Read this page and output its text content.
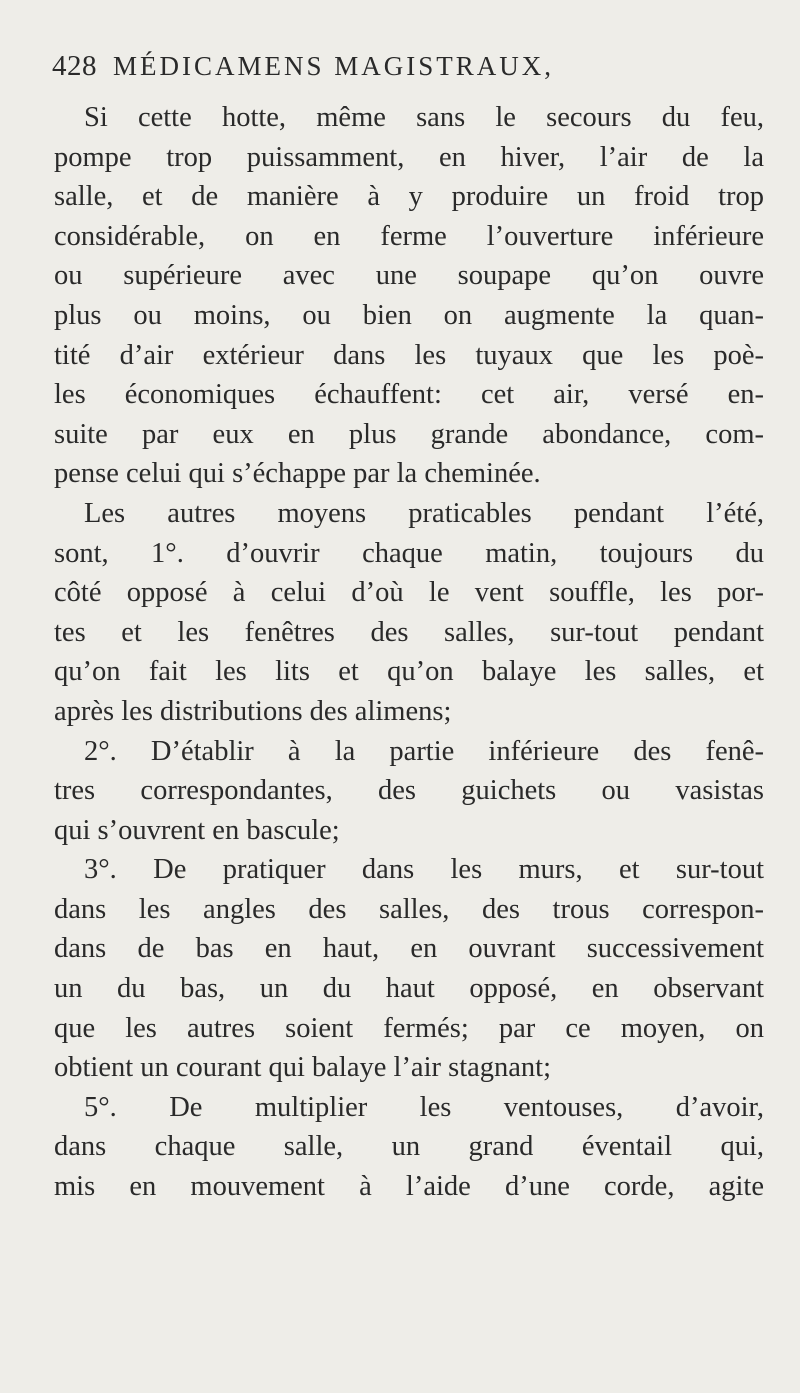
428 MÉDICAMENS MAGISTRAUX,
Si cette hotte, même sans le secours du feu,
pompe trop puissamment, en hiver, l’air de la
salle, et de manière à y produire un froid trop
considérable, on en ferme l’ouverture inférieure
ou supérieure avec une soupape qu’on ouvre
plus ou moins, ou bien on augmente la quan-
tité d’air extérieur dans les tuyaux que les poè-
les économiques échauffent: cet air, versé en-
suite par eux en plus grande abondance, com-
pense celui qui s’échappe par la cheminée.
Les autres moyens praticables pendant l’été,
sont, 1°. d’ouvrir chaque matin, toujours du
côté opposé à celui d’où le vent souffle, les por-
tes et les fenêtres des salles, sur-tout pendant
qu’on fait les lits et qu’on balaye les salles, et
après les distributions des alimens;
2°. D’établir à la partie inférieure des fenê-
tres correspondantes, des guichets ou vasistas
qui s’ouvrent en bascule;
3°. De pratiquer dans les murs, et sur-tout
dans les angles des salles, des trous correspon-
dans de bas en haut, en ouvrant successivement
un du bas, un du haut opposé, en observant
que les autres soient fermés; par ce moyen, on
obtient un courant qui balaye l’air stagnant;
5°. De multiplier les ventouses, d’avoir,
dans chaque salle, un grand éventail qui,
mis en mouvement à l’aide d’une corde, agite
